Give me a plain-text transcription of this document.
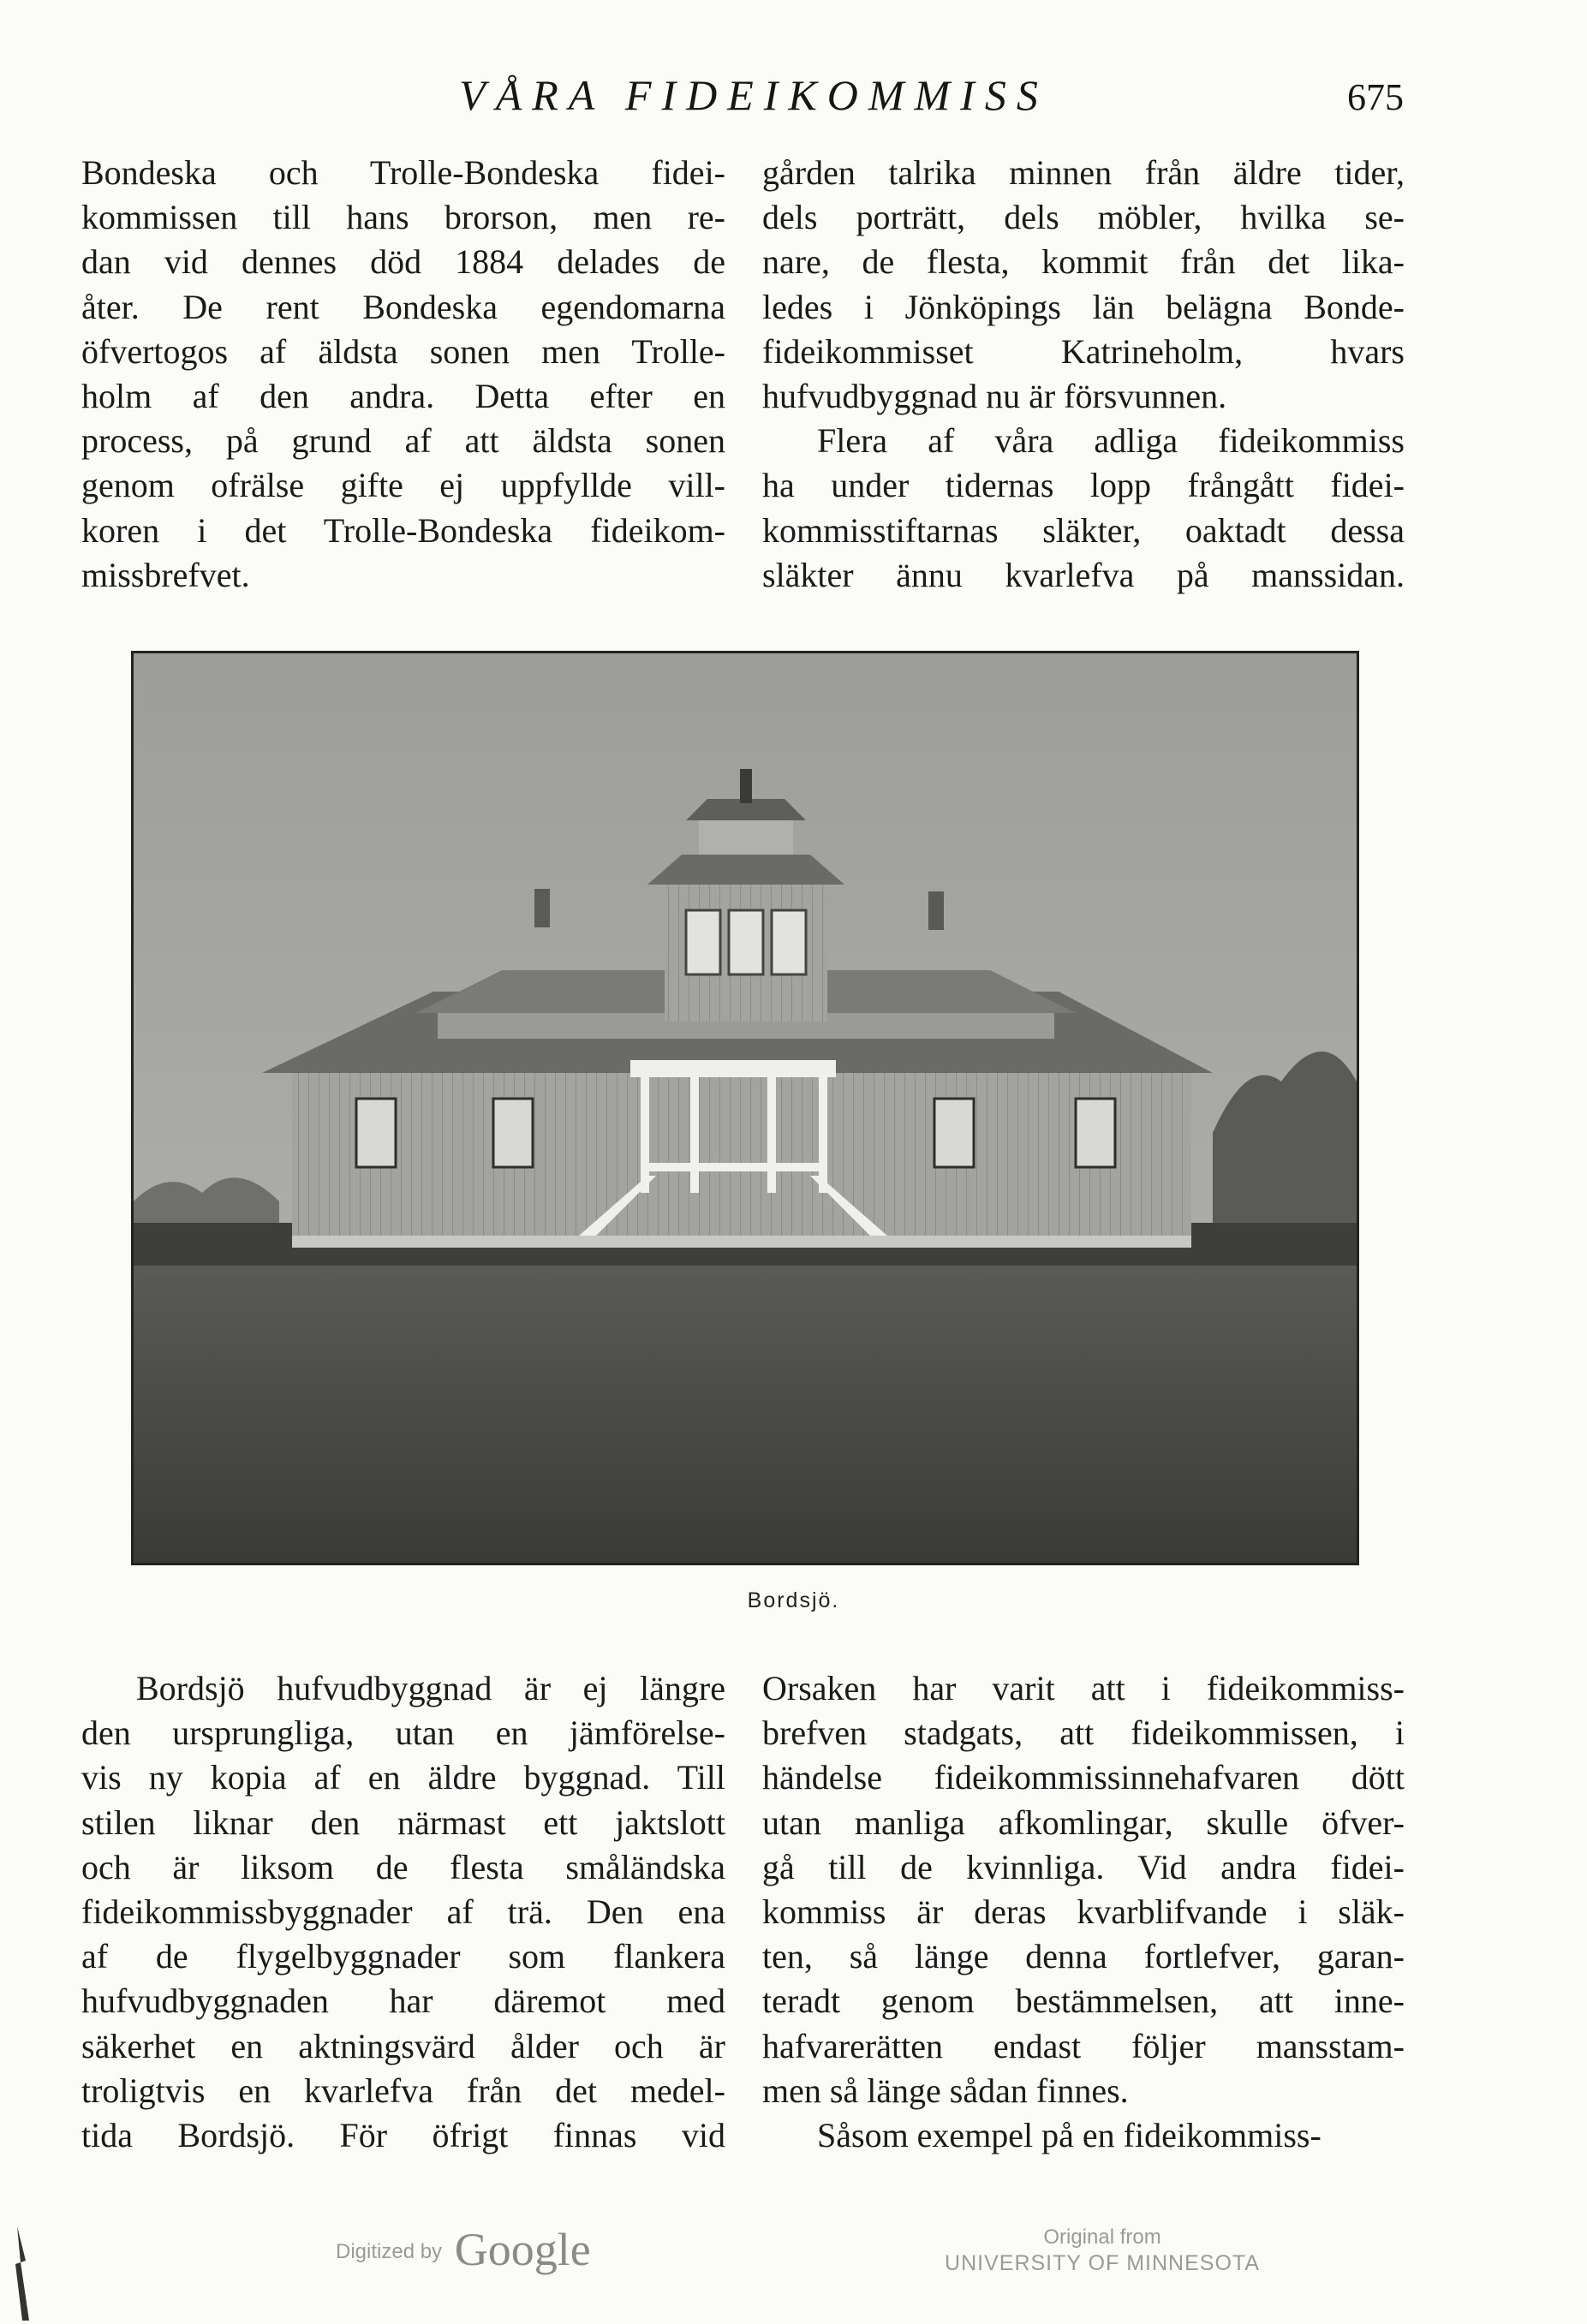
VÅRA FIDEIKOMMISS	675
Bondeska och Trolle-Bondeska fidei-
kommissen till hans brorson, men re-
dan vid dennes död 1884 delades de
åter. De rent Bondeska egendomarna
öfvertogos af äldsta sonen men Trolle-
holm af den andra. Detta efter en
process, på grund af att äldsta sonen
genom ofrälse gifte ej uppfyllde vill-
koren i det Trolle-Bondeska fideikom-
missbrefvet.
gården talrika minnen från äldre tider,
dels porträtt, dels möbler, hvilka se-
nare, de flesta, kommit från det lika-
ledes i Jönköpings län belägna Bonde-
fideikommisset Katrineholm, hvars
hufvudbyggnad nu är försvunnen.
Flera af våra adliga fideikommiss
ha under tidernas lopp frångått fidei-
kommisstiftarnas släkter, oaktadt dessa
släkter ännu kvarlefva på manssidan.
Bordsjö.
Bordsjö hufvudbyggnad är ej längre
den ursprungliga, utan en jämförelse-
vis ny kopia af en äldre byggnad. Till
stilen liknar den närmast ett jaktslott
och är liksom de flesta småländska
fideikommissbyggnader af trä. Den ena
af de flygelbyggnader som flankera
hufvudbyggnaden har däremot med
säkerhet en aktningsvärd ålder och är
troligtvis en kvarlefva från det medel-
tida Bordsjö. För öfrigt finnas vid
Orsaken har varit att i fideikommiss-
brefven stadgats, att fideikommissen, i
händelse fideikommissinnehafvaren dött
utan manliga afkomlingar, skulle öfver-
gå till de kvinnliga. Vid andra fidei-
kommiss är deras kvarblifvande i släk-
ten, så länge denna fortlefver, garan-
teradt genom bestämmelsen, att inne-
hafvarerätten endast följer mansstam-
men så länge sådan finnes.
Såsom exempel på en fideikommiss-
Digitized by Google	Original from
UNIVERSITY OF MINNESOTA
